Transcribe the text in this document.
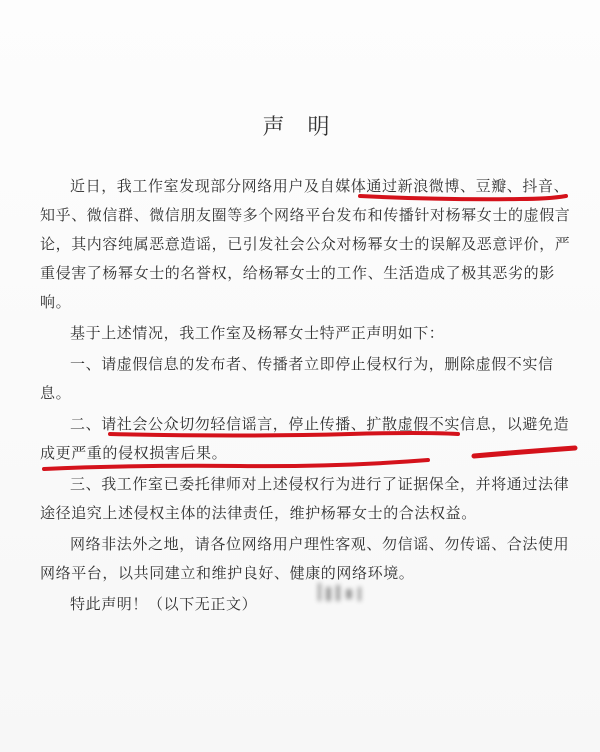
声 明

近日，我工作室发现部分网络用户及自媒体通过新浪微博、豆瓣、抖音、知乎、微信群、微信朋友圈等多个网络平台发布和传播针对杨幂女士的虚假言论，其内容纯属恶意造谣，已引发社会公众对杨幂女士的误解及恶意评价，严重侵害了杨幂女士的名誉权，给杨幂女士的工作、生活造成了极其恶劣的影响。

基于上述情况，我工作室及杨幂女士特严正声明如下：

一、请虚假信息的发布者、传播者立即停止侵权行为，删除虚假不实信息。

二、请社会公众切勿轻信谣言，停止传播、扩散虚假不实信息，以避免造成更严重的侵权损害后果。

三、我工作室已委托律师对上述侵权行为进行了证据保全，并将通过法律途径追究上述侵权主体的法律责任，维护杨幂女士的合法权益。

网络非法外之地，请各位网络用户理性客观、勿信谣、勿传谣、合法使用网络平台，以共同建立和维护良好、健康的网络环境。

特此声明！（以下无正文）
